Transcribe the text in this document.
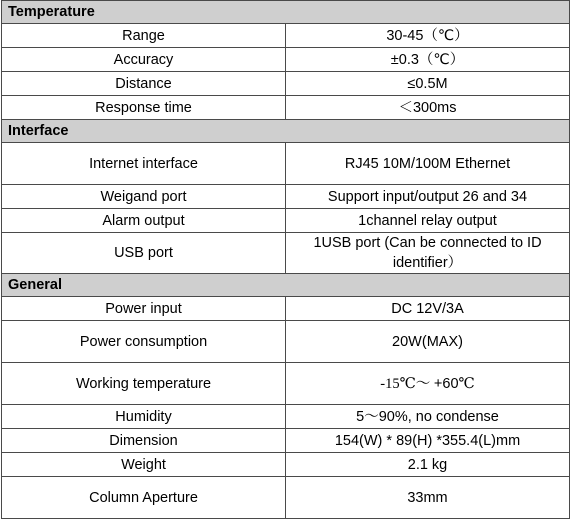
Temperature	
Range	30-45（℃）
Accuracy	±0.3（℃）
Distance	≤0.5M
Response time	＜300ms
Interface	
Internet interface	RJ45 10M/100M Ethernet
Weigand port	Support input/output 26 and 34
Alarm output	1channel relay output
USB port	1USB port (Can be connected to ID identifier）
General	
Power input	DC 12V/3A
Power consumption	20W(MAX)
Working temperature	-15℃～ +60℃
Humidity	5～90%, no condense
Dimension	154(W) * 89(H) *355.4(L)mm
Weight	2.1 kg
Column Aperture	33mm
